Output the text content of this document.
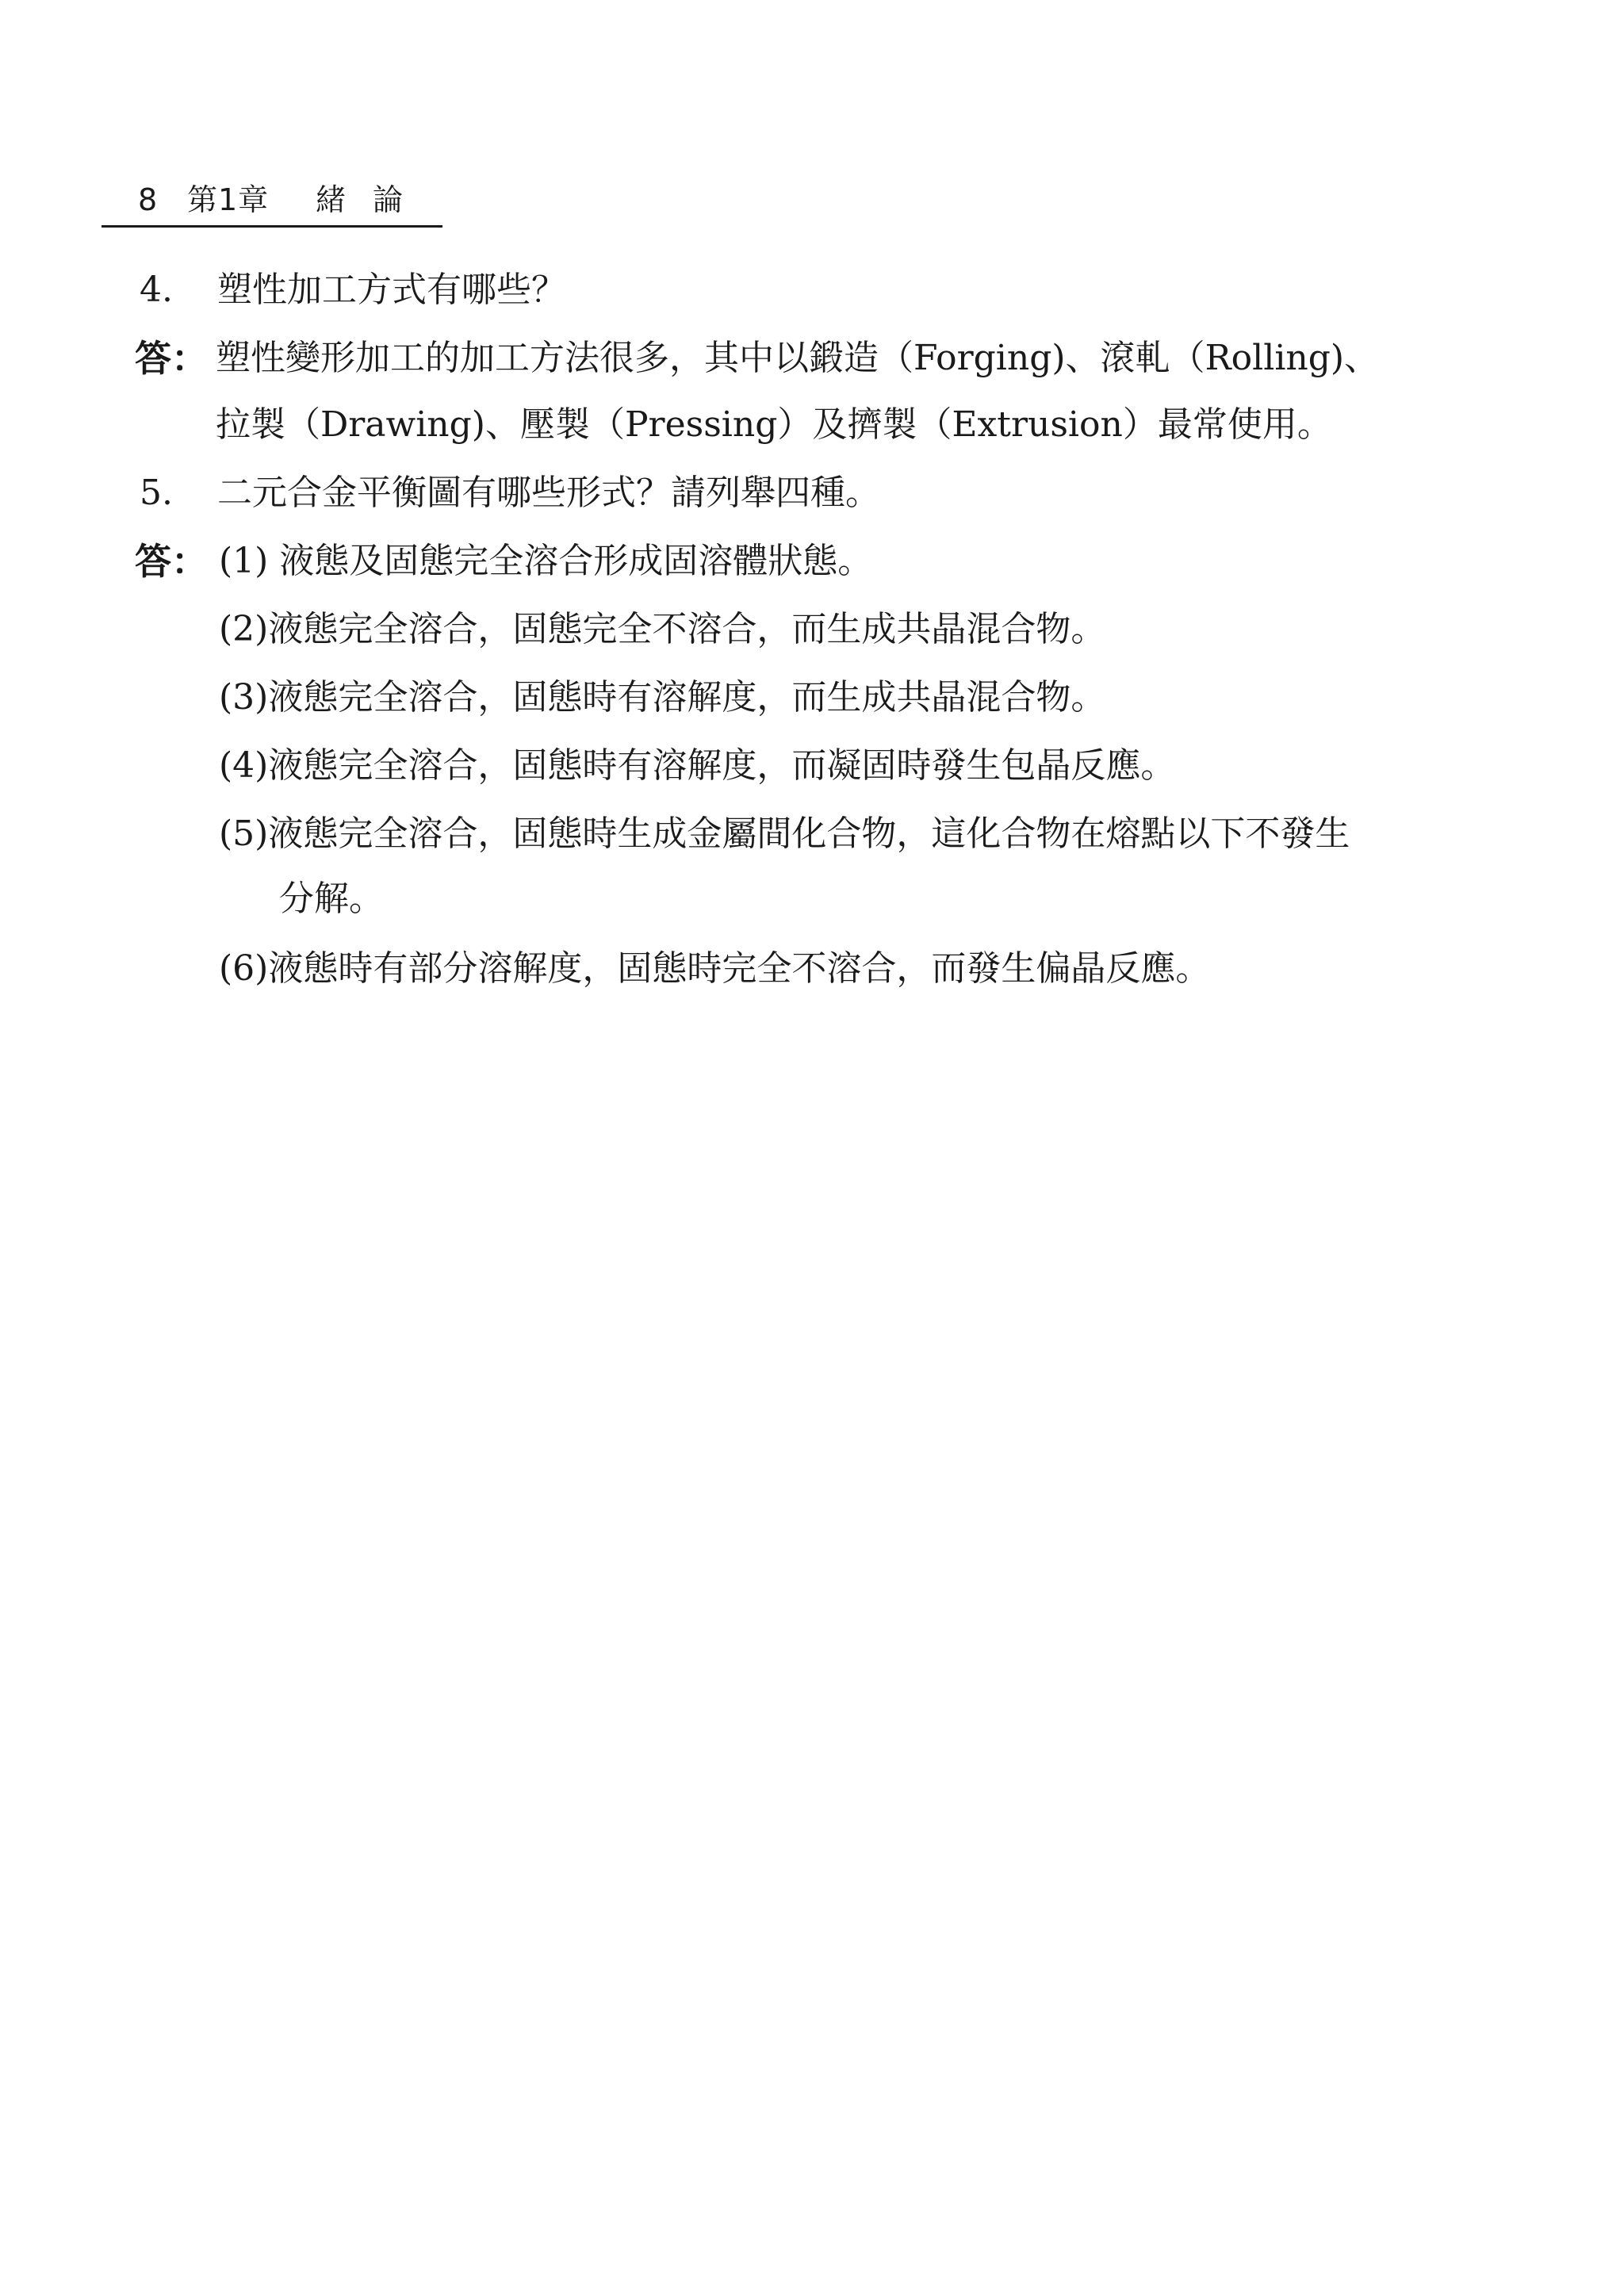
8 第1章 緒論
4. 塑性加工方式有哪些？
答： 塑性變形加工的加工方法很多，其中以鍛造（Forging)、滾軋（Rolling)、
拉製（Drawing)、壓製（Pressing）及擠製（Extrusion）最常使用。
5. 二元合金平衡圖有哪些形式？請列舉四種。
答： (1) 液態及固態完全溶合形成固溶體狀態。
(2)液態完全溶合，固態完全不溶合，而生成共晶混合物。
(3)液態完全溶合，固態時有溶解度，而生成共晶混合物。
(4)液態完全溶合，固態時有溶解度，而凝固時發生包晶反應。
(5)液態完全溶合，固態時生成金屬間化合物，這化合物在熔點以下不發生
分解。
(6)液態時有部分溶解度，固態時完全不溶合，而發生偏晶反應。
